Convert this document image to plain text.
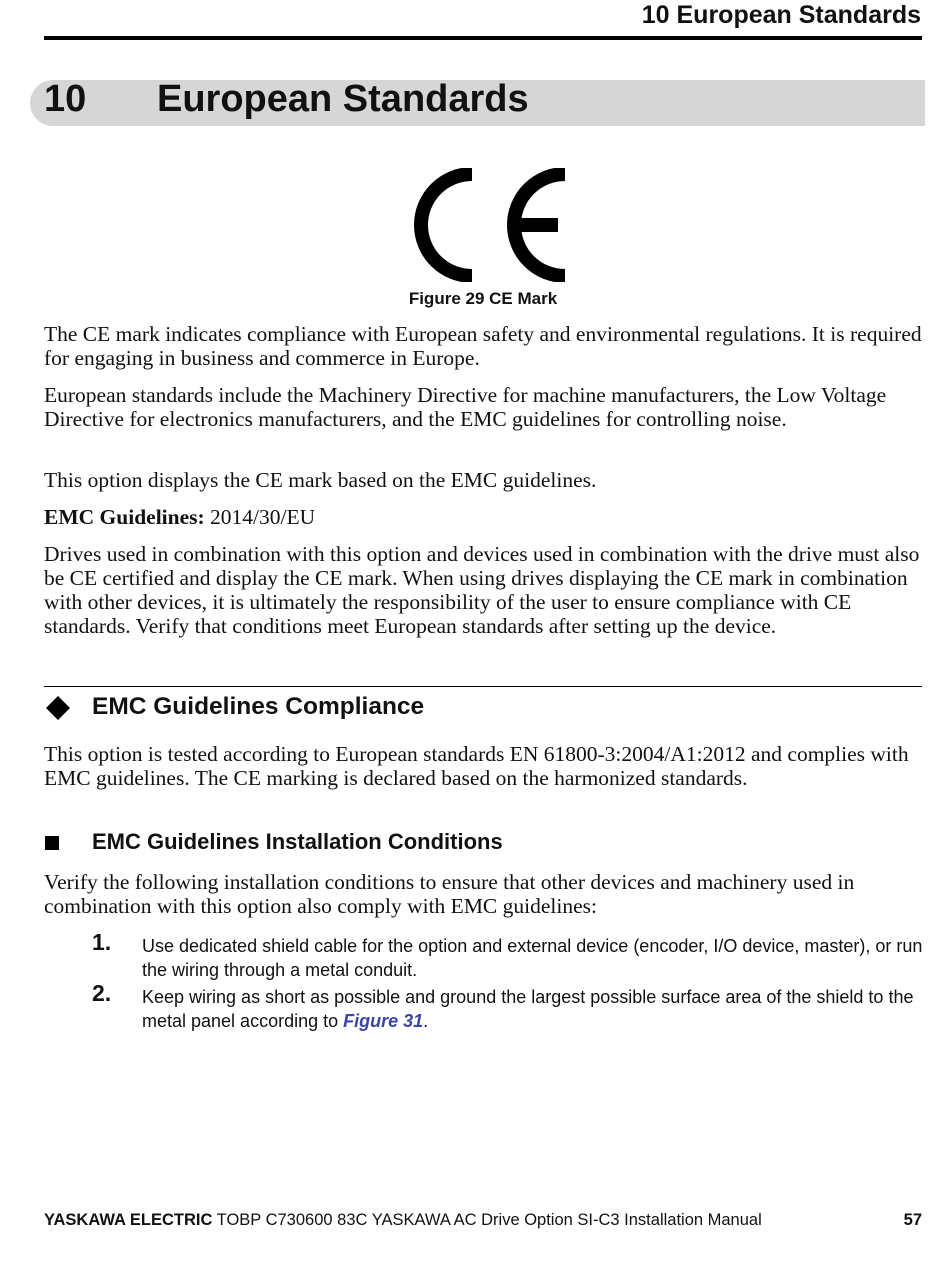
10 European Standards
10 European Standards
Figure 29 CE Mark

The CE mark indicates compliance with European safety and environmental regulations. It is required for engaging in business and commerce in Europe.

European standards include the Machinery Directive for machine manufacturers, the Low Voltage Directive for electronics manufacturers, and the EMC guidelines for controlling noise.

This option displays the CE mark based on the EMC guidelines.

EMC Guidelines: 2014/30/EU

Drives used in combination with this option and devices used in combination with the drive must also be CE certified and display the CE mark. When using drives displaying the CE mark in combination with other devices, it is ultimately the responsibility of the user to ensure compliance with CE standards. Verify that conditions meet European standards after setting up the device.

EMC Guidelines Compliance

This option is tested according to European standards EN 61800-3:2004/A1:2012 and complies with EMC guidelines. The CE marking is declared based on the harmonized standards.

EMC Guidelines Installation Conditions

Verify the following installation conditions to ensure that other devices and machinery used in combination with this option also comply with EMC guidelines:

1. Use dedicated shield cable for the option and external device (encoder, I/O device, master), or run the wiring through a metal conduit.

2. Keep wiring as short as possible and ground the largest possible surface area of the shield to the metal panel according to Figure 31.

YASKAWA ELECTRIC TOBP C730600 83C YASKAWA AC Drive Option SI-C3 Installation Manual	57
